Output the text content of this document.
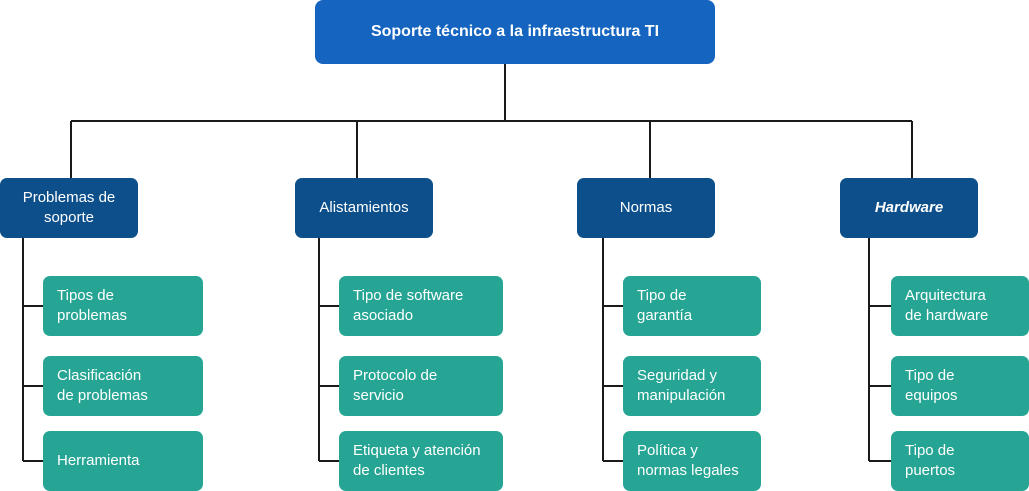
Soporte técnico a la infraestructura TI
Problemas de
soporte
Tipos de
problemas
Clasificación
de problemas
Herramienta
Alistamientos
Tipo de software
asociado
Protocolo de
servicio
Etiqueta y atención
de clientes
Normas
Tipo de
garantía
Seguridad y
manipulación
Política y
normas legales
Hardware
Arquitectura
de hardware
Tipo de
equipos
Tipo de
puertos
